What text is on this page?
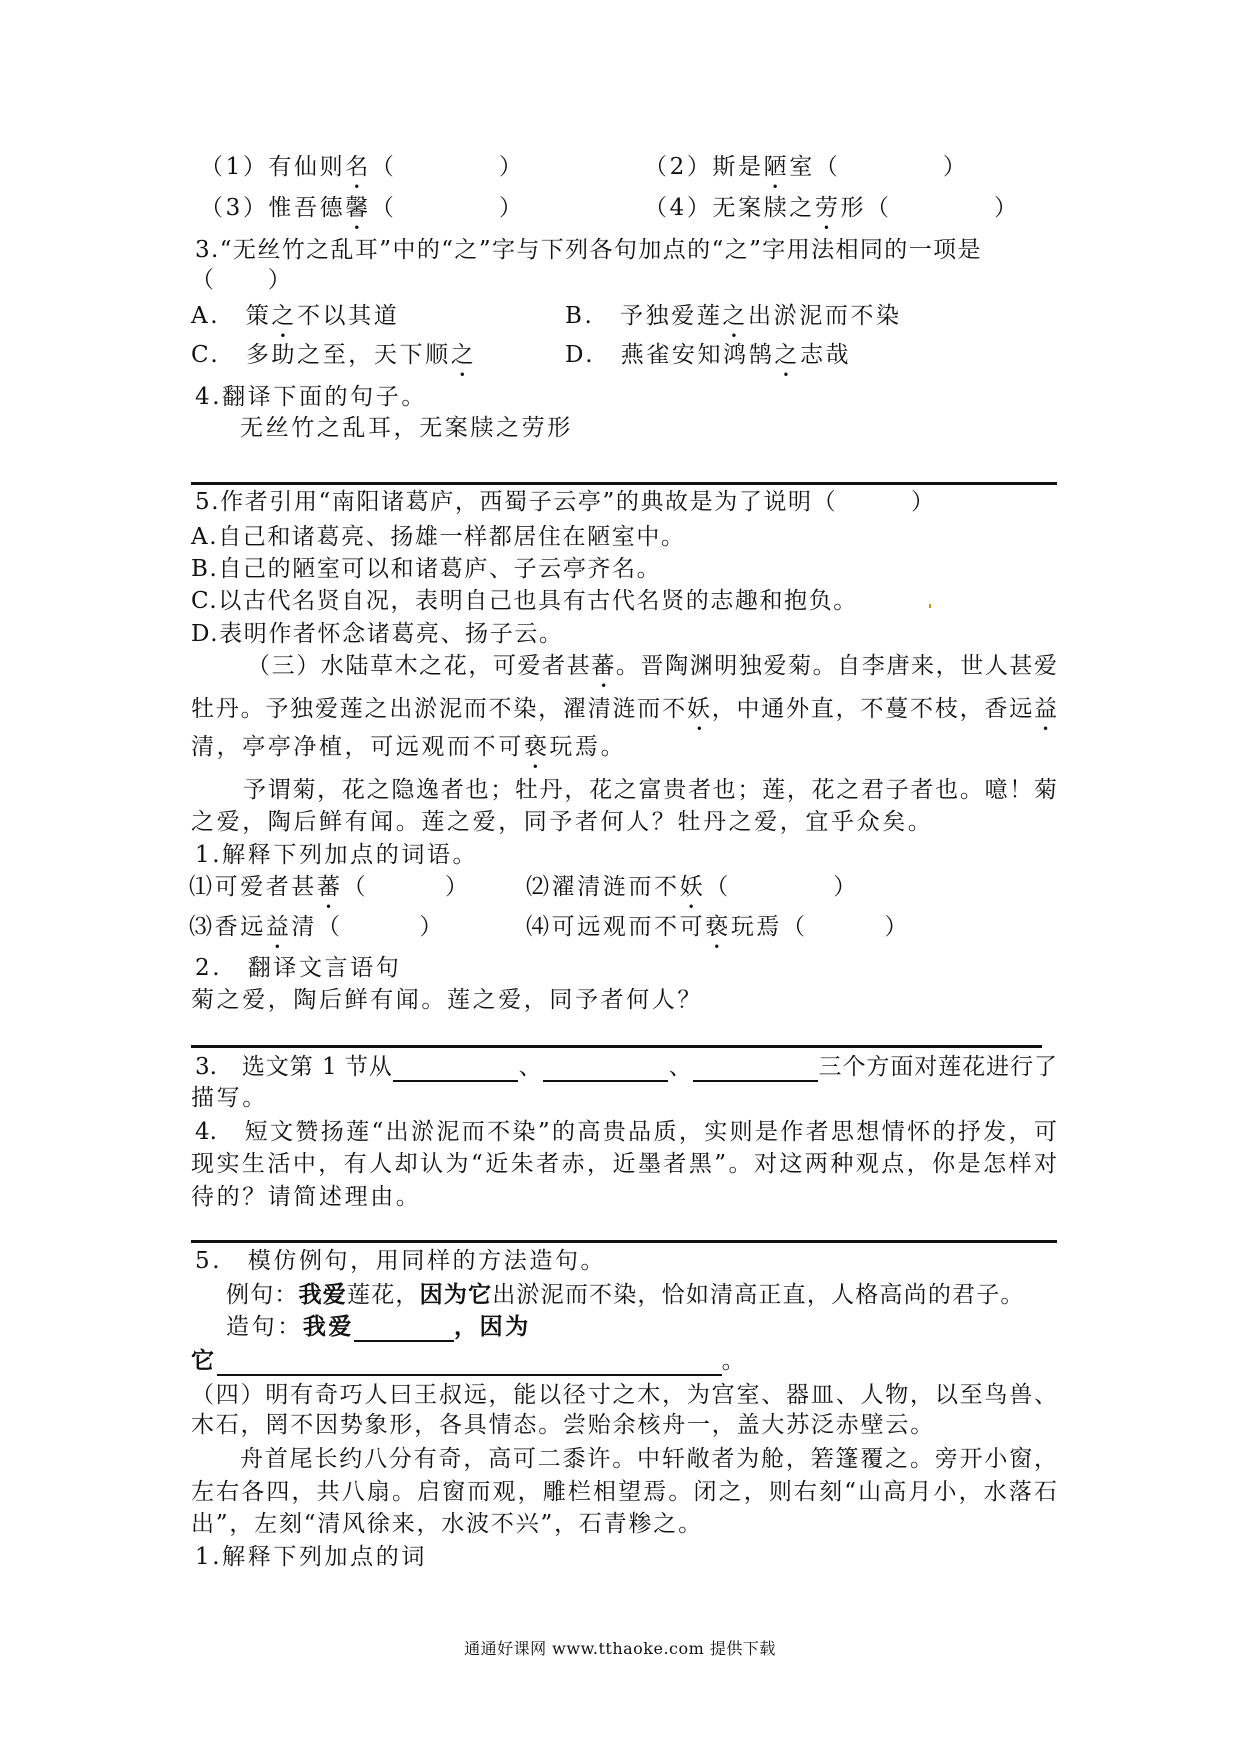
（1）有仙则名（　　　　）	（2）斯是陋室（　　　　）
（3）惟吾德馨（　　　　）	（4）无案牍之劳形（　　　　）
3.“无丝竹之乱耳”中的“之”字与下列各句加点的“之”字用法相同的一项是
（　　）
A.　策之不以其道	B.　予独爱莲之出淤泥而不染
C.　多助之至，天下顺之	D.　燕雀安知鸿鹄之志哉
4.翻译下面的句子。
无丝竹之乱耳，无案牍之劳形
5.作者引用“南阳诸葛庐，西蜀子云亭”的典故是为了说明（　　　）
A.自己和诸葛亮、扬雄一样都居住在陋室中。
B.自己的陋室可以和诸葛庐、子云亭齐名。
C.以古代名贤自况，表明自己也具有古代名贤的志趣和抱负。
D.表明作者怀念诸葛亮、扬子云。
（三）水陆草木之花，可爱者甚蕃。晋陶渊明独爱菊。自李唐来，世人甚爱
牡丹。予独爱莲之出淤泥而不染，濯清涟而不妖，中通外直，不蔓不枝，香远益
清，亭亭净植，可远观而不可亵玩焉。
予谓菊，花之隐逸者也；牡丹，花之富贵者也；莲，花之君子者也。噫！菊
之爱，陶后鲜有闻。莲之爱，同予者何人？牡丹之爱，宜乎众矣。
1.解释下列加点的词语。
⑴可爱者甚蕃（　　　） ⑵濯清涟而不妖（　　　　）
⑶香远益清（　　　）	⑷可远观而不可亵玩焉（　　　）
2.　翻译文言语句
菊之爱，陶后鲜有闻。莲之爱，同予者何人？
3.　选文第 1 节从	、	、	三个方面对莲花进行了
描写。
4.　短文赞扬莲“出淤泥而不染”的高贵品质，实则是作者思想情怀的抒发，可
现实生活中，有人却认为“近朱者赤，近墨者黑”。对这两种观点，你是怎样对
待的？请简述理由。
5.　模仿例句，用同样的方法造句。
例句：我爱莲花，因为它出淤泥而不染，恰如清高正直，人格高尚的君子。
造句：我爱	，因为
它	。
（四）明有奇巧人曰王叔远，能以径寸之木，为宫室、器皿、人物，以至鸟兽、
木石，罔不因势象形，各具情态。尝贻余核舟一，盖大苏泛赤壁云。
舟首尾长约八分有奇，高可二黍许。中轩敞者为舱，箬篷覆之。旁开小窗，
左右各四，共八扇。启窗而观，雕栏相望焉。闭之，则右刻“山高月小，水落石
出”，左刻“清风徐来，水波不兴”，石青糁之。
1.解释下列加点的词
通通好课网 www.tthaoke.com 提供下载
